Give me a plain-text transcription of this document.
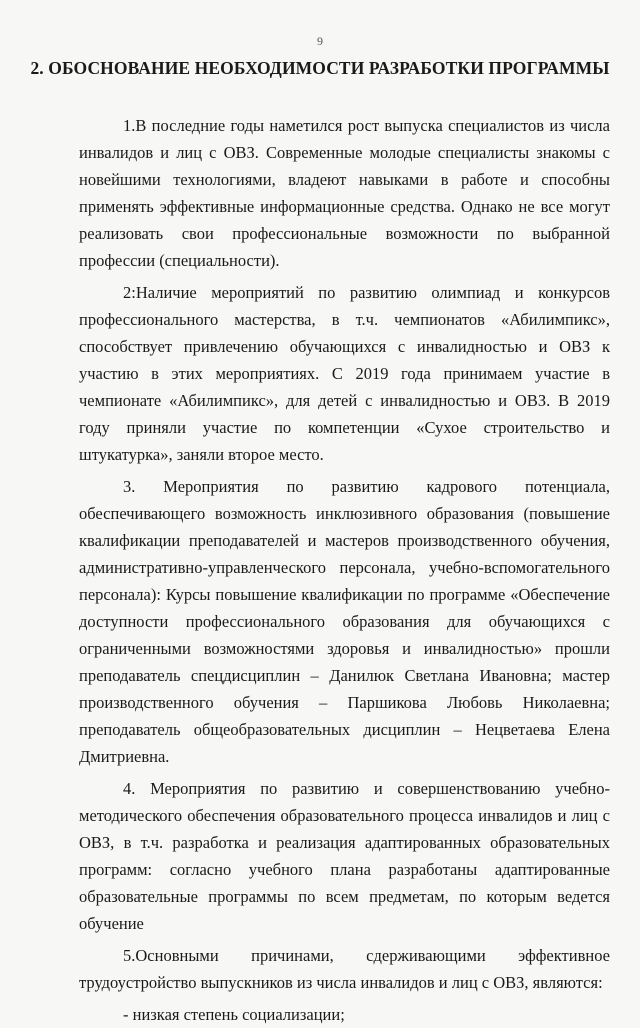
9
2. ОБОСНОВАНИЕ НЕОБХОДИМОСТИ РАЗРАБОТКИ ПРОГРАММЫ

1.В последние годы наметился рост выпуска специалистов из числа инвалидов и лиц с ОВЗ. Современные молодые специалисты знакомы с новейшими технологиями, владеют навыками в работе и способны применять эффективные информационные средства. Однако не все могут реализовать свои профессиональные возможности по выбранной профессии (специальности).

2:Наличие мероприятий по развитию олимпиад и конкурсов профессионального мастерства, в т.ч. чемпионатов «Абилимпикс», способствует привлечению обучающихся с инвалидностью и ОВЗ к участию в этих мероприятиях. С 2019 года принимаем участие в чемпионате «Абилимпикс», для детей с инвалидностью и ОВЗ. В 2019 году приняли участие по компетенции «Сухое строительство и штукатурка», заняли второе место.

3. Мероприятия по развитию кадрового потенциала, обеспечивающего возможность инклюзивного образования (повышение квалификации преподавателей и мастеров производственного обучения, административно-управленческого персонала, учебно-вспомогательного персонала): Курсы повышение квалификации по программе «Обеспечение доступности профессионального образования для обучающихся с ограниченными возможностями здоровья и инвалидностью» прошли преподаватель спецдисциплин – Данилюк Светлана Ивановна; мастер производственного обучения – Паршикова Любовь Николаевна; преподаватель общеобразовательных дисциплин – Нецветаева Елена Дмитриевна.

4. Мероприятия по развитию и совершенствованию учебно-методического обеспечения образовательного процесса инвалидов и лиц с ОВЗ, в т.ч. разработка и реализация адаптированных образовательных программ: согласно учебного плана разработаны адаптированные образовательные программы по всем предметам, по которым ведется обучение

5.Основными причинами, сдерживающими эффективное трудоустройство выпускников из числа инвалидов и лиц с ОВЗ, являются:

- низкая степень социализации;
